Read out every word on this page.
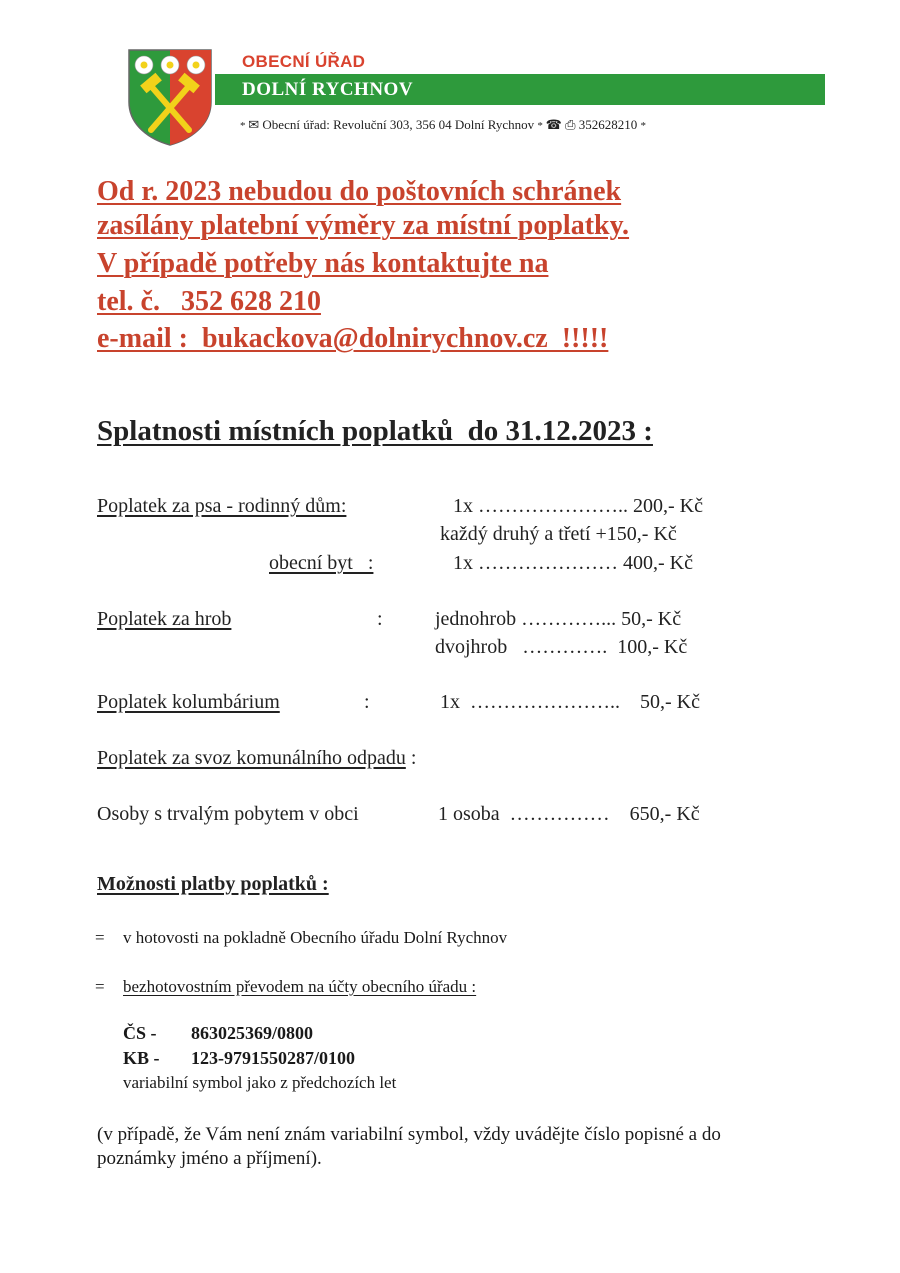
OBECNÍ ÚŘAD
DOLNÍ RYCHNOV
* ✉ Obecní úřad: Revoluční 303, 356 04 Dolní Rychnov * ☎ ⎙ 352628210 *
Od r. 2023 nebudou do poštovních schránek
zasílány platební výměry za místní poplatky.
V případě potřeby nás kontaktujte na
tel. č.   352 628 210
e-mail :  bukackova@dolnirychnov.cz  !!!!!
Splatnosti místních poplatků  do 31.12.2023 :
Poplatek za psa - rodinný dům:	1x ………………….. 200,- Kč
každý druhý a třetí +150,- Kč
obecní byt   :	1x ………………… 400,- Kč
Poplatek za hrob	:	jednohrob …………... 50,- Kč
dvojhrob   ………….  100,- Kč
Poplatek kolumbárium	:	1x  …………………..    50,- Kč
Poplatek za svoz komunálního odpadu :
Osoby s trvalým pobytem v obci	1 osoba  ……………    650,- Kč
Možnosti platby poplatků :
= v hotovosti na pokladně Obecního úřadu Dolní Rychnov
= bezhotovostním převodem na účty obecního úřadu :
ČS - 863025369/0800
KB - 123-9791550287/0100
variabilní symbol jako z předchozích let
(v případě, že Vám není znám variabilní symbol, vždy uvádějte číslo popisné a do
poznámky jméno a příjmení).
